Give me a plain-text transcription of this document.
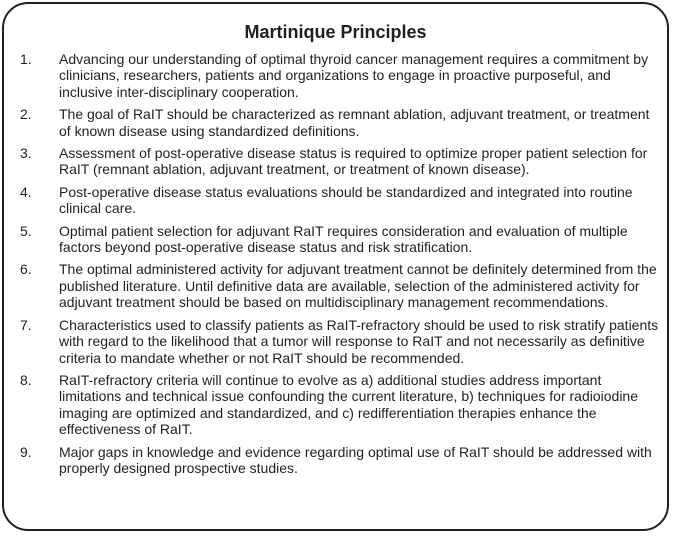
Martinique Principles
1. Advancing our understanding of optimal thyroid cancer management requires a commitment by clinicians, researchers, patients and organizations to engage in proactive purposeful, and inclusive inter-disciplinary cooperation.
2. The goal of RaIT should be characterized as remnant ablation, adjuvant treatment, or treatment of known disease using standardized definitions.
3. Assessment of post-operative disease status is required to optimize proper patient selection for RaIT (remnant ablation, adjuvant treatment, or treatment of known disease).
4. Post-operative disease status evaluations should be standardized and integrated into routine clinical care.
5. Optimal patient selection for adjuvant RaIT requires consideration and evaluation of multiple factors beyond post-operative disease status and risk stratification.
6. The optimal administered activity for adjuvant treatment cannot be definitely determined from the published literature. Until definitive data are available, selection of the administered activity for adjuvant treatment should be based on multidisciplinary management recommendations.
7. Characteristics used to classify patients as RaIT-refractory should be used to risk stratify patients with regard to the likelihood that a tumor will response to RaIT and not necessarily as definitive criteria to mandate whether or not RaIT should be recommended.
8. RaIT-refractory criteria will continue to evolve as a) additional studies address important limitations and technical issue confounding the current literature, b) techniques for radioiodine imaging are optimized and standardized, and c) redifferentiation therapies enhance the effectiveness of RaIT.
9. Major gaps in knowledge and evidence regarding optimal use of RaIT should be addressed with properly designed prospective studies.
